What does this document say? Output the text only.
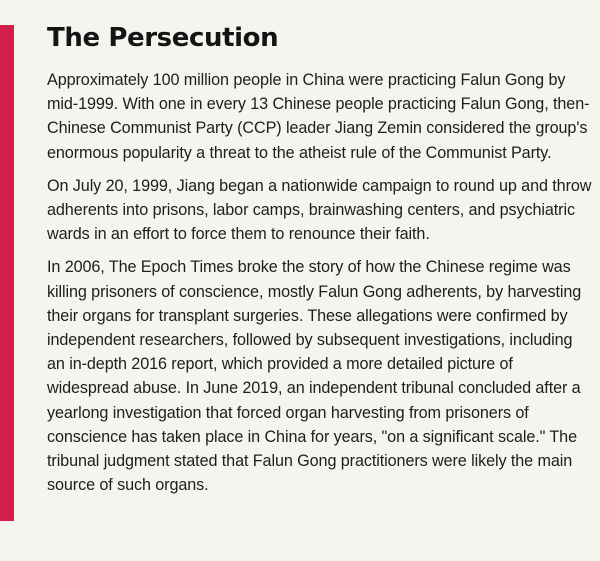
The Persecution

Approximately 100 million people in China were practicing Falun Gong by mid-1999. With one in every 13 Chinese people practicing Falun Gong, then-Chinese Communist Party (CCP) leader Jiang Zemin considered the group's enormous popularity a threat to the atheist rule of the Communist Party.

On July 20, 1999, Jiang began a nationwide campaign to round up and throw adherents into prisons, labor camps, brainwashing centers, and psychiatric wards in an effort to force them to renounce their faith.

In 2006, The Epoch Times broke the story of how the Chinese regime was killing prisoners of conscience, mostly Falun Gong adherents, by harvesting their organs for transplant surgeries. These allegations were confirmed by independent researchers, followed by subsequent investigations, including an in-depth 2016 report, which provided a more detailed picture of widespread abuse. In June 2019, an independent tribunal concluded after a yearlong investigation that forced organ harvesting from prisoners of conscience has taken place in China for years, "on a significant scale." The tribunal judgment stated that Falun Gong practitioners were likely the main source of such organs.
